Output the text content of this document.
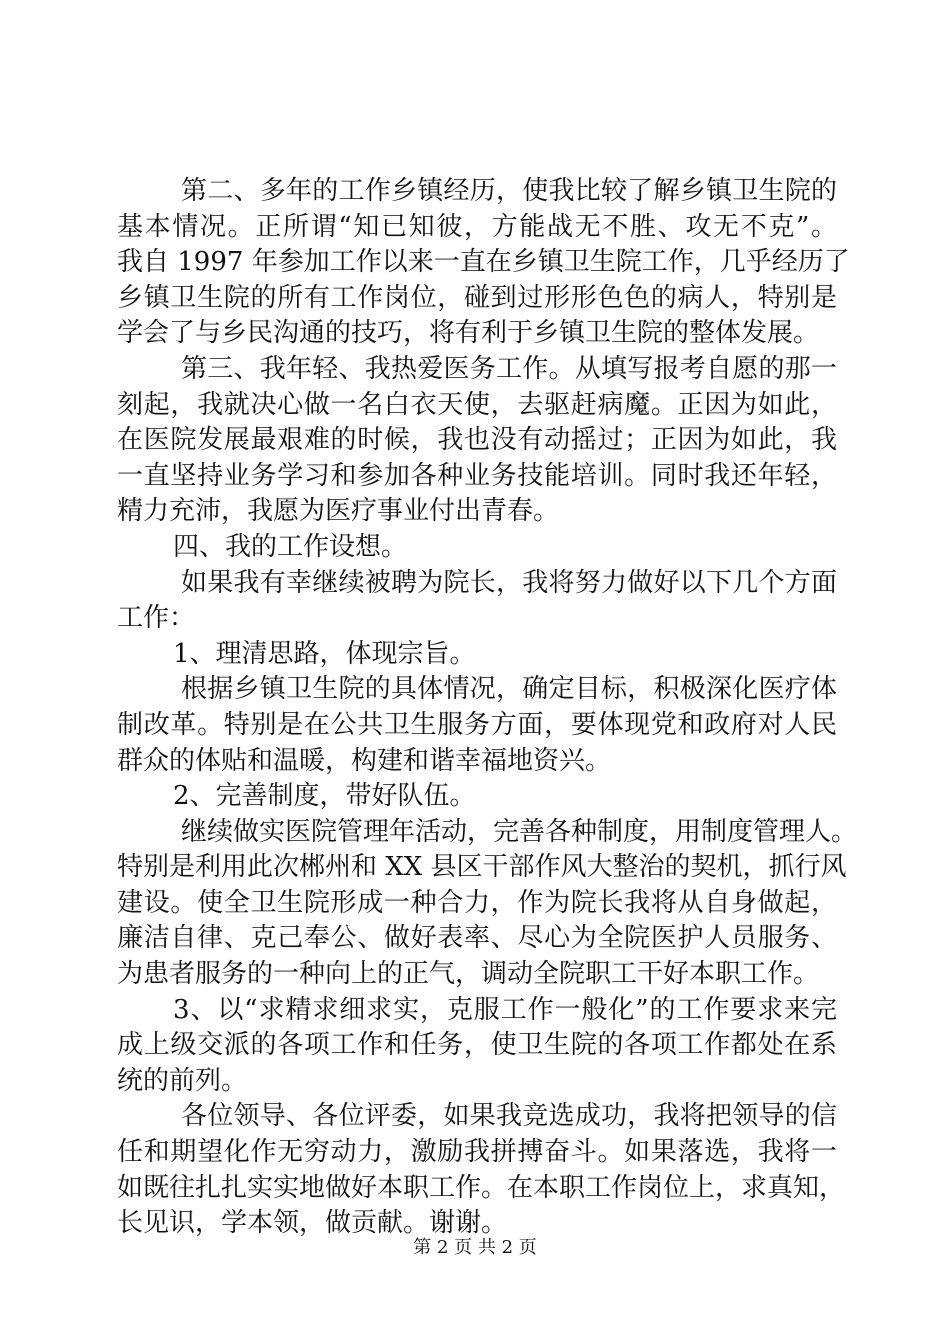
第二、多年的工作乡镇经历，使我比较了解乡镇卫生院的
基本情况。正所谓“知已知彼，方能战无不胜、攻无不克”。
我自 1997 年参加工作以来一直在乡镇卫生院工作，几乎经历了
乡镇卫生院的所有工作岗位，碰到过形形色色的病人，特别是
学会了与乡民沟通的技巧，将有利于乡镇卫生院的整体发展。
第三、我年轻、我热爱医务工作。从填写报考自愿的那一
刻起，我就决心做一名白衣天使，去驱赶病魔。正因为如此，
在医院发展最艰难的时候，我也没有动摇过；正因为如此，我
一直坚持业务学习和参加各种业务技能培训。同时我还年轻，
精力充沛，我愿为医疗事业付出青春。
四、我的工作设想。
如果我有幸继续被聘为院长，我将努力做好以下几个方面
工作：
1、理清思路，体现宗旨。
根据乡镇卫生院的具体情况，确定目标，积极深化医疗体
制改革。特别是在公共卫生服务方面，要体现党和政府对人民
群众的体贴和温暖，构建和谐幸福地资兴。
2、完善制度，带好队伍。
继续做实医院管理年活动，完善各种制度，用制度管理人。
特别是利用此次郴州和 XX 县区干部作风大整治的契机，抓行风
建设。使全卫生院形成一种合力，作为院长我将从自身做起，
廉洁自律、克己奉公、做好表率、尽心为全院医护人员服务、
为患者服务的一种向上的正气，调动全院职工干好本职工作。
3、以“求精求细求实，克服工作一般化”的工作要求来完
成上级交派的各项工作和任务，使卫生院的各项工作都处在系
统的前列。
各位领导、各位评委，如果我竞选成功，我将把领导的信
任和期望化作无穷动力，激励我拼搏奋斗。如果落选，我将一
如既往扎扎实实地做好本职工作。在本职工作岗位上，求真知，
长见识，学本领，做贡献。谢谢。
第 2 页 共 2 页
